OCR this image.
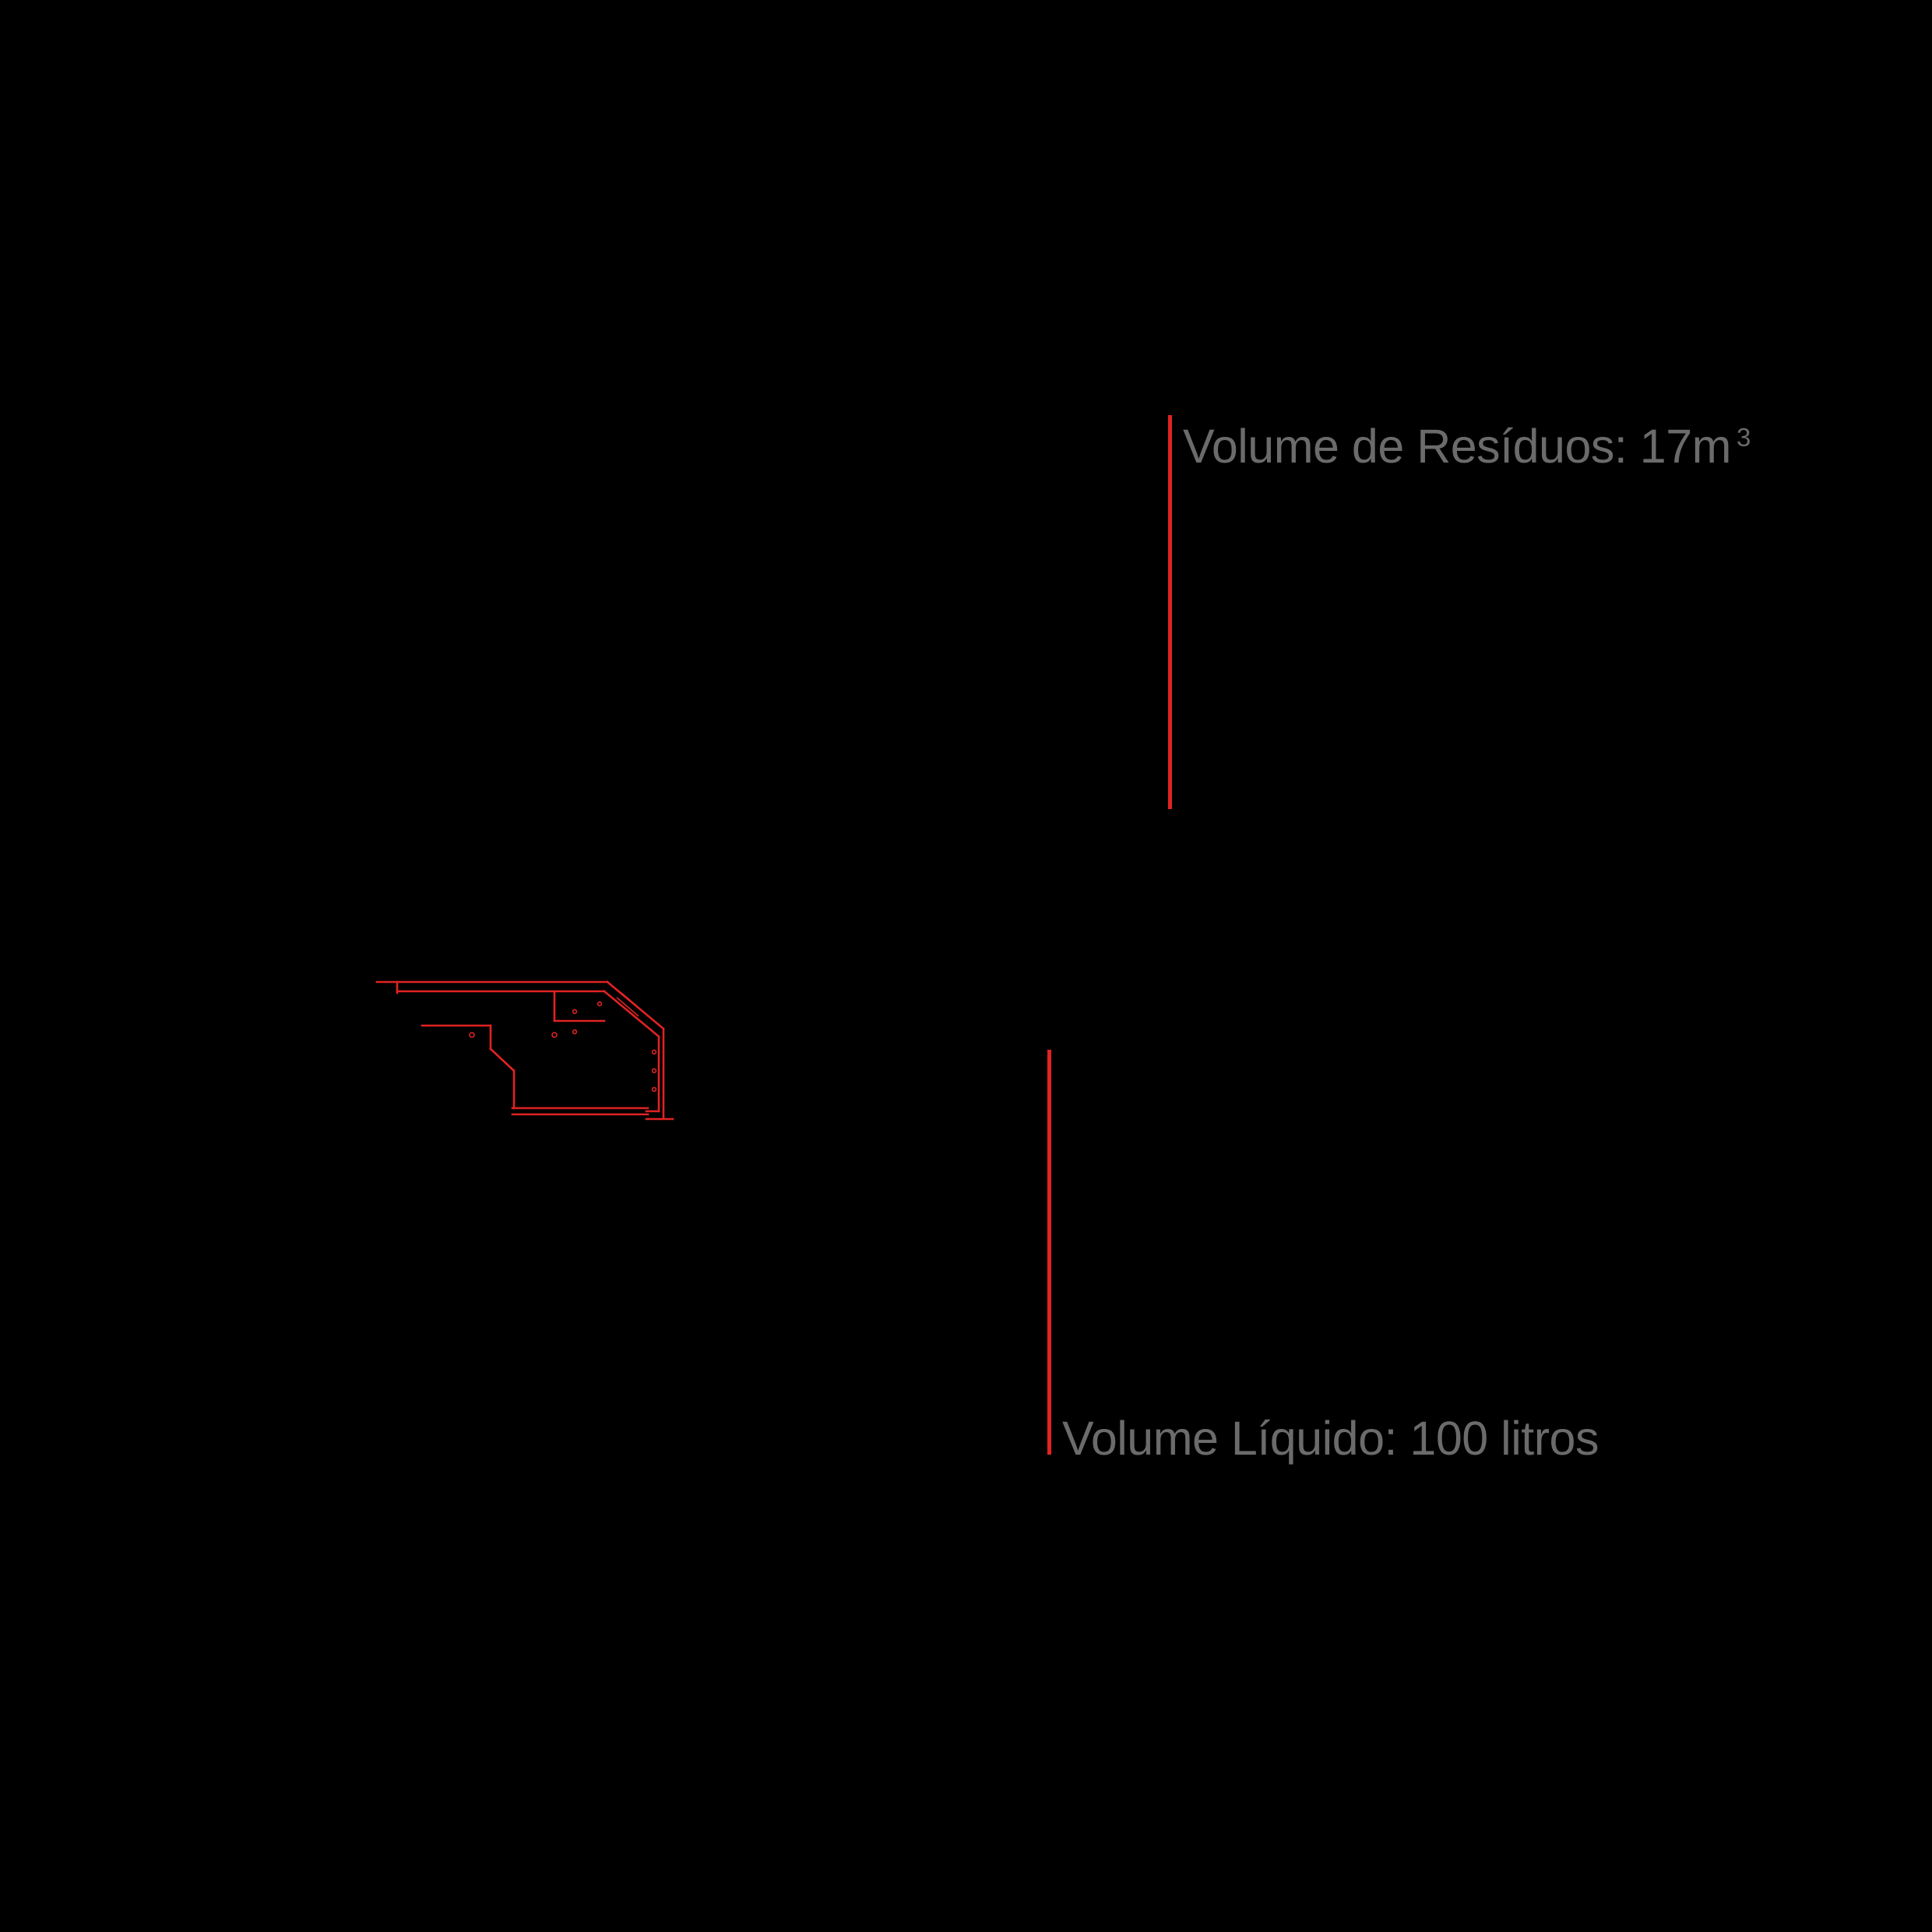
Volume de Resíduos: 17m $^3$
Volume Líquido: 100 litros
